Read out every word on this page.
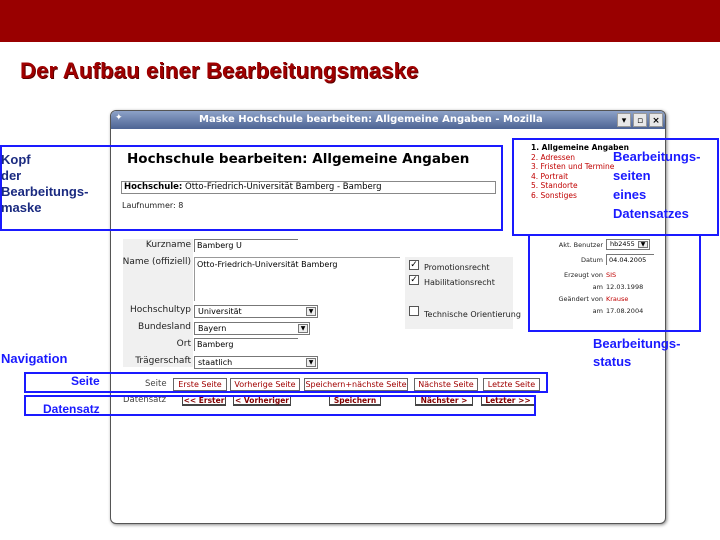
Der Aufbau einer Bearbeitungsmaske
✦	Maske Hochschule bearbeiten: Allgemeine Angaben - Mozilla	▾	▫	×
Hochschule bearbeiten: Allgemeine Angaben
Hochschule: Otto-Friedrich-Universität Bamberg - Bamberg
Laufnummer: 8
1. Allgemeine Angaben
2. Adressen
3. Fristen und Termine
4. Portrait
5. Standorte
6. Sonstiges
Kurzname Bamberg U
Name (offiziell) Otto-Friedrich-Universität Bamberg	✓ Promotionsrecht
✓ Habilitationsrecht
Technische Orientierung
Hochschultyp Universität	▼
Bundesland Bayern	▼
Ort Bamberg
Trägerschaft staatlich	▼
Akt. Benutzer	hb2455 ▼
Datum 04.04.2005
Erzeugt von SIS
am 12.03.1998
Geändert von Krause
am 17.08.2004
Seite	Erste Seite	Vorherige Seite	Speichern+nächste Seite	Nächste Seite	Letzte Seite
Datensatz << Erster < Vorheriger	Speichern	Nächster >	Letzter >>
Kopf
der
Bearbeitungs-
maske
Bearbeitungs-
seiten
eines
Datensatzes
Bearbeitungs-
status
Navigation
Seite
Datensatz
